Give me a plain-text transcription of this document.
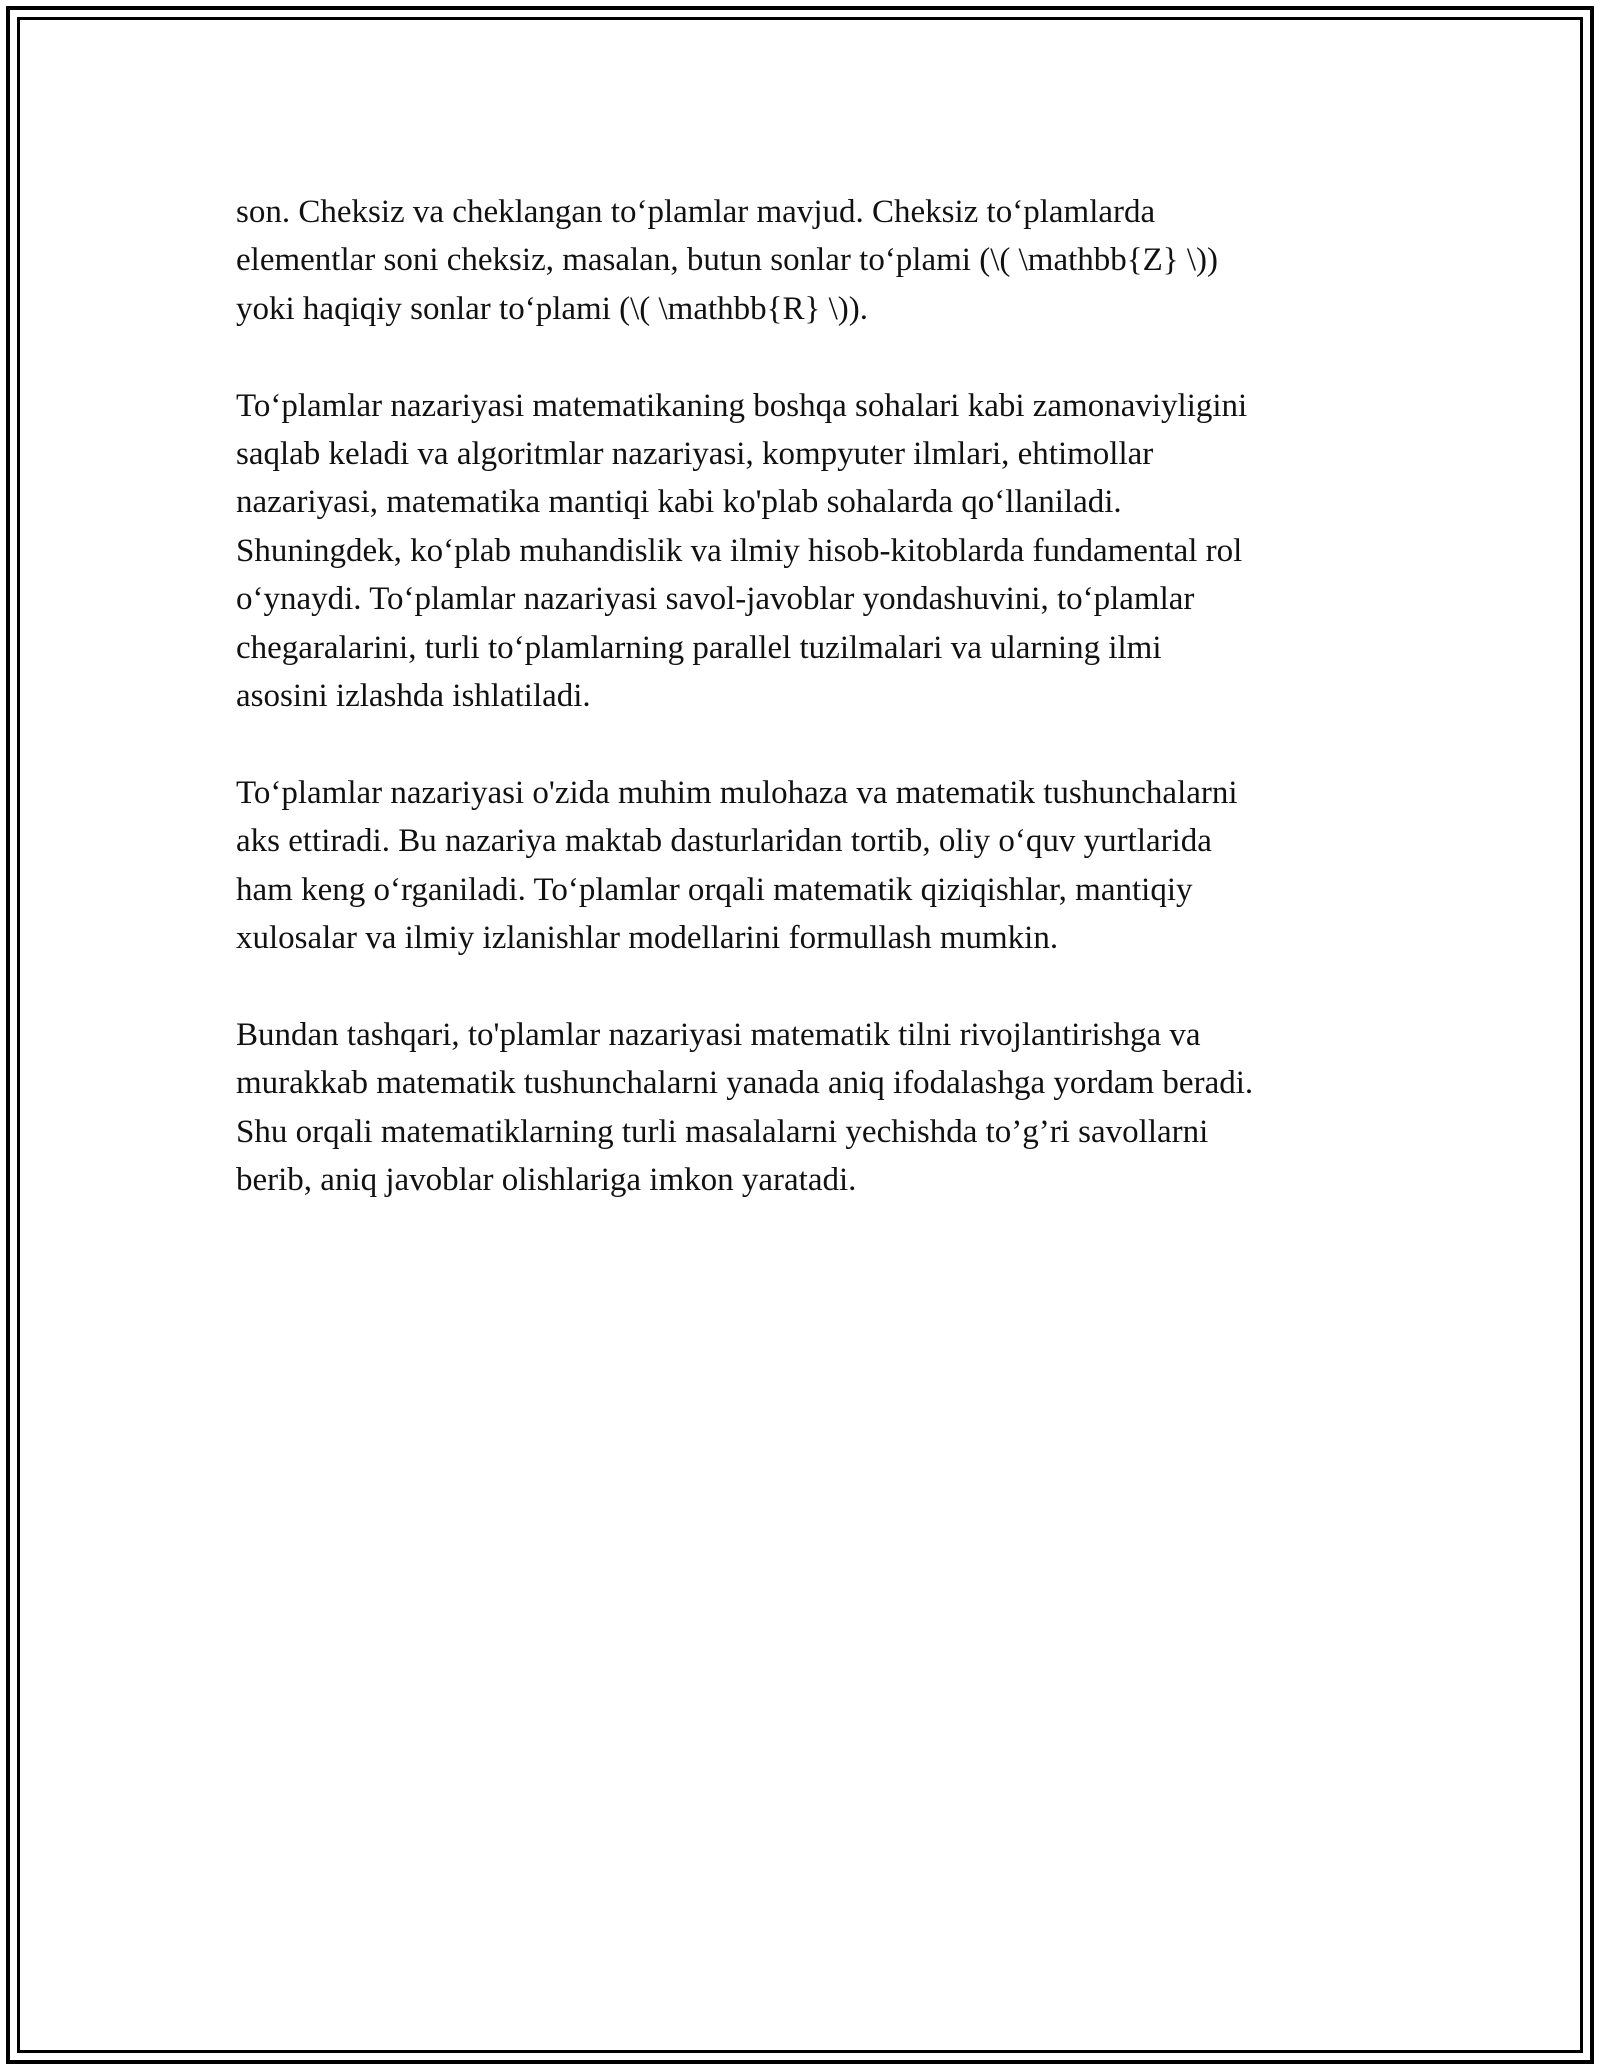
son. Cheksiz va cheklangan to‘plamlar mavjud. Cheksiz to‘plamlarda
elementlar soni cheksiz, masalan, butun sonlar to‘plami (\( \mathbb{Z} \))
yoki haqiqiy sonlar to‘plami (\( \mathbb{R} \)).

To‘plamlar nazariyasi matematikaning boshqa sohalari kabi zamonaviyligini
saqlab keladi va algoritmlar nazariyasi, kompyuter ilmlari, ehtimollar
nazariyasi, matematika mantiqi kabi ko'plab sohalarda qo‘llaniladi.
Shuningdek, ko‘plab muhandislik va ilmiy hisob-kitoblarda fundamental rol
o‘ynaydi. To‘plamlar nazariyasi savol-javoblar yondashuvini, to‘plamlar
chegaralarini, turli to‘plamlarning parallel tuzilmalari va ularning ilmi
asosini izlashda ishlatiladi.

To‘plamlar nazariyasi o'zida muhim mulohaza va matematik tushunchalarni
aks ettiradi. Bu nazariya maktab dasturlaridan tortib, oliy o‘quv yurtlarida
ham keng o‘rganiladi. To‘plamlar orqali matematik qiziqishlar, mantiqiy
xulosalar va ilmiy izlanishlar modellarini formullash mumkin.

Bundan tashqari, to'plamlar nazariyasi matematik tilni rivojlantirishga va
murakkab matematik tushunchalarni yanada aniq ifodalashga yordam beradi.
Shu orqali matematiklarning turli masalalarni yechishda to’g’ri savollarni
berib, aniq javoblar olishlariga imkon yaratadi.
